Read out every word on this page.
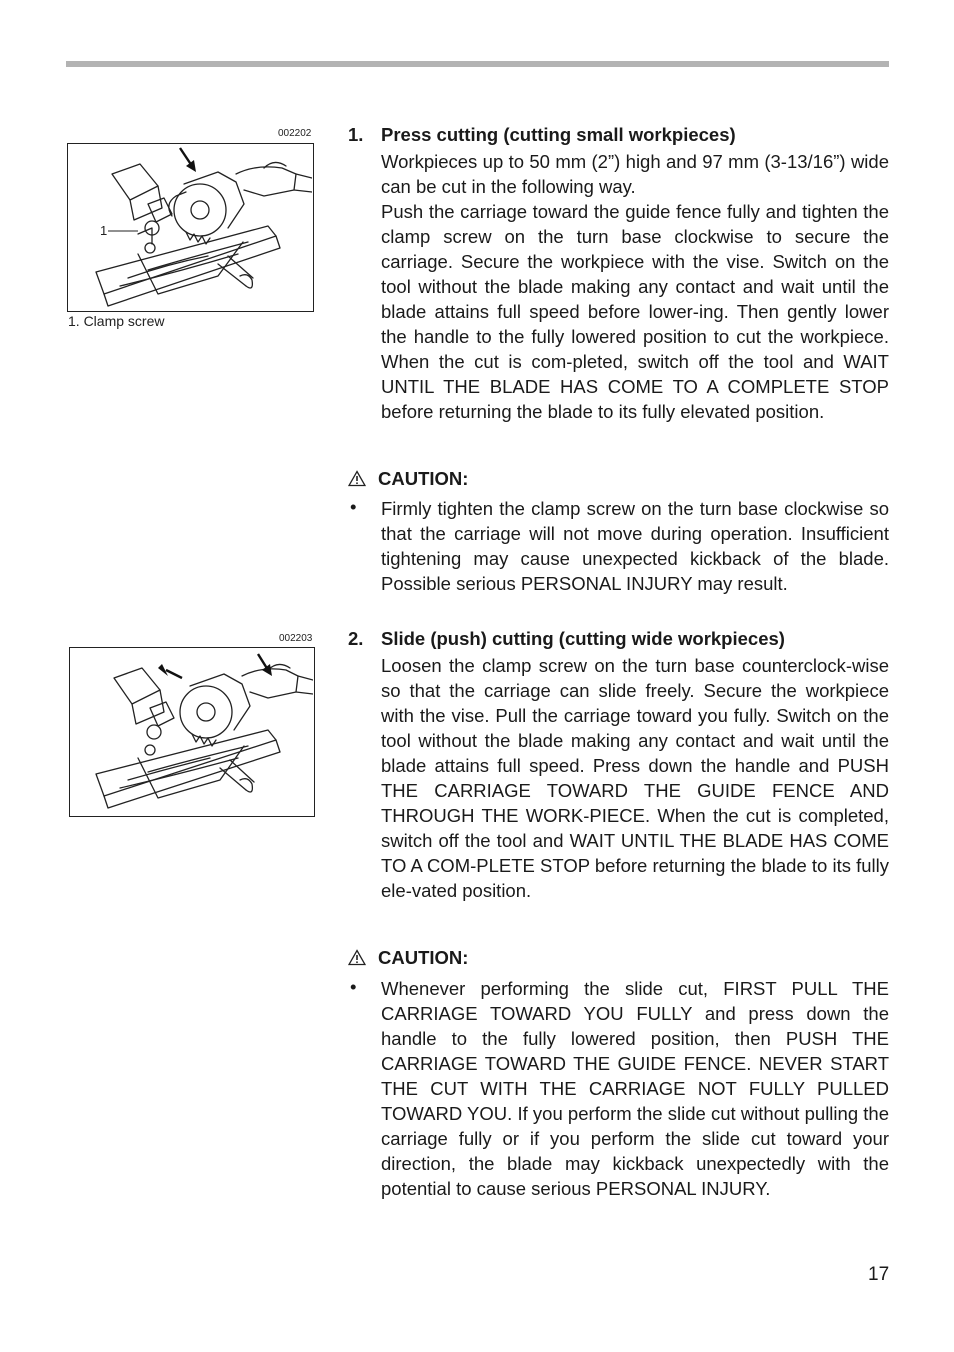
002202
1
1. Clamp screw
002203
1. Press cutting (cutting small workpieces)
Workpieces up to 50 mm (2”) high and 97 mm (3-13/16”) wide can be cut in the following way.
Push the carriage toward the guide fence fully and tighten the clamp screw on the turn base clockwise to secure the carriage. Secure the workpiece with the vise. Switch on the tool without the blade making any contact and wait until the blade attains full speed before lower-ing. Then gently lower the handle to the fully lowered position to cut the workpiece. When the cut is com-pleted, switch off the tool and WAIT UNTIL THE BLADE HAS COME TO A COMPLETE STOP before returning the blade to its fully elevated position.
CAUTION:
• Firmly tighten the clamp screw on the turn base clockwise so that the carriage will not move during operation. Insufficient tightening may cause unexpected kickback of the blade. Possible serious PERSONAL INJURY may result.
2. Slide (push) cutting (cutting wide workpieces)
Loosen the clamp screw on the turn base counterclock-wise so that the carriage can slide freely. Secure the workpiece with the vise. Pull the carriage toward you fully. Switch on the tool without the blade making any contact and wait until the blade attains full speed. Press down the handle and PUSH THE CARRIAGE TOWARD THE GUIDE FENCE AND THROUGH THE WORK-PIECE. When the cut is completed, switch off the tool and WAIT UNTIL THE BLADE HAS COME TO A COM-PLETE STOP before returning the blade to its fully ele-vated position.
CAUTION:
• Whenever performing the slide cut, FIRST PULL THE CARRIAGE TOWARD YOU FULLY and press down the handle to the fully lowered position, then PUSH THE CARRIAGE TOWARD THE GUIDE FENCE. NEVER START THE CUT WITH THE CARRIAGE NOT FULLY PULLED TOWARD YOU. If you perform the slide cut without pulling the carriage fully or if you perform the slide cut toward your direction, the blade may kickback unexpectedly with the potential to cause serious PERSONAL INJURY.
17
